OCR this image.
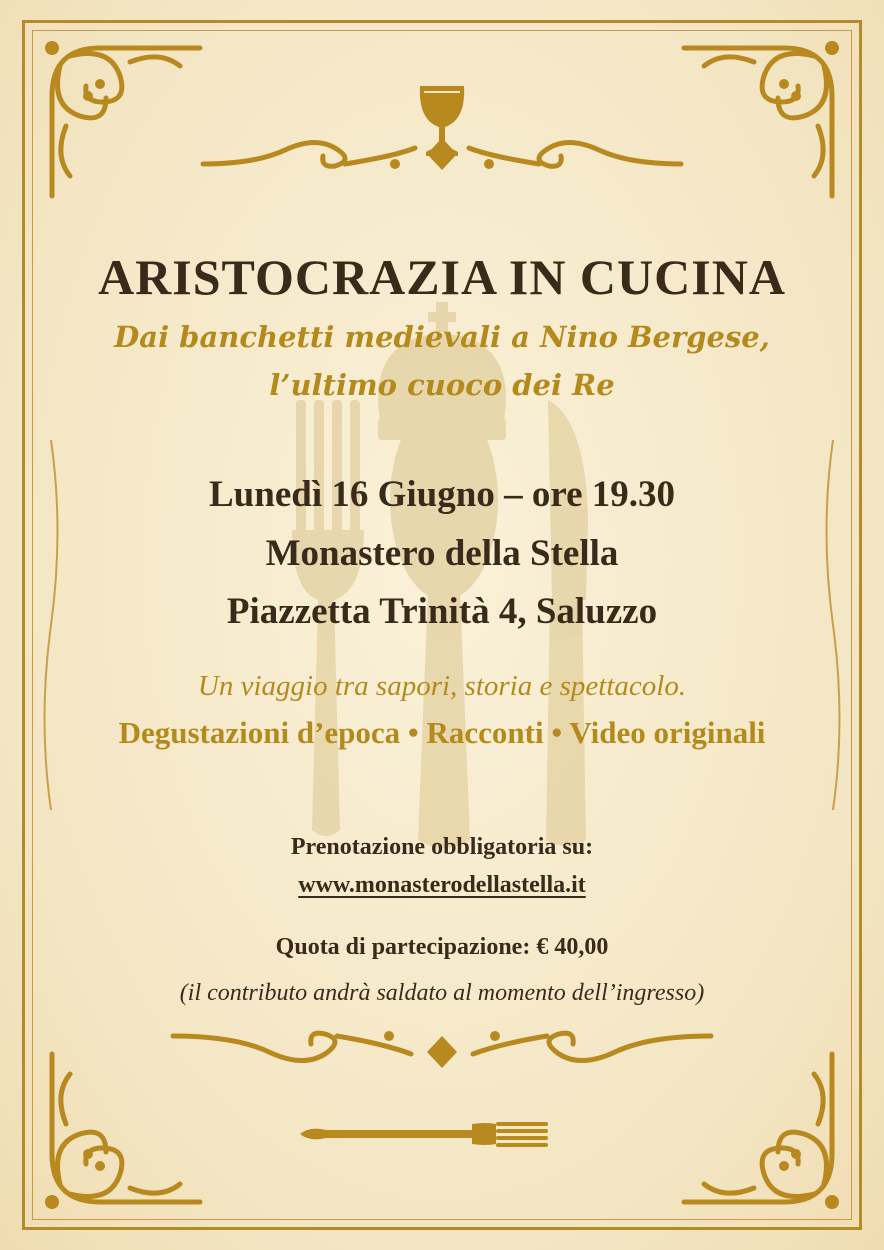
ARISTOCRAZIA IN CUCINA
Dai banchetti medievali a Nino Bergese,
l’ultimo cuoco dei Re
Lunedì 16 Giugno – ore 19.30
Monastero della Stella
Piazzetta Trinità 4, Saluzzo
Un viaggio tra sapori, storia e spettacolo.
Degustazioni d’epoca • Racconti • Video originali
Prenotazione obbligatoria su:
www.monasterodellastella.it
Quota di partecipazione: € 40,00
(il contributo andrà saldato al momento dell’ingresso)
